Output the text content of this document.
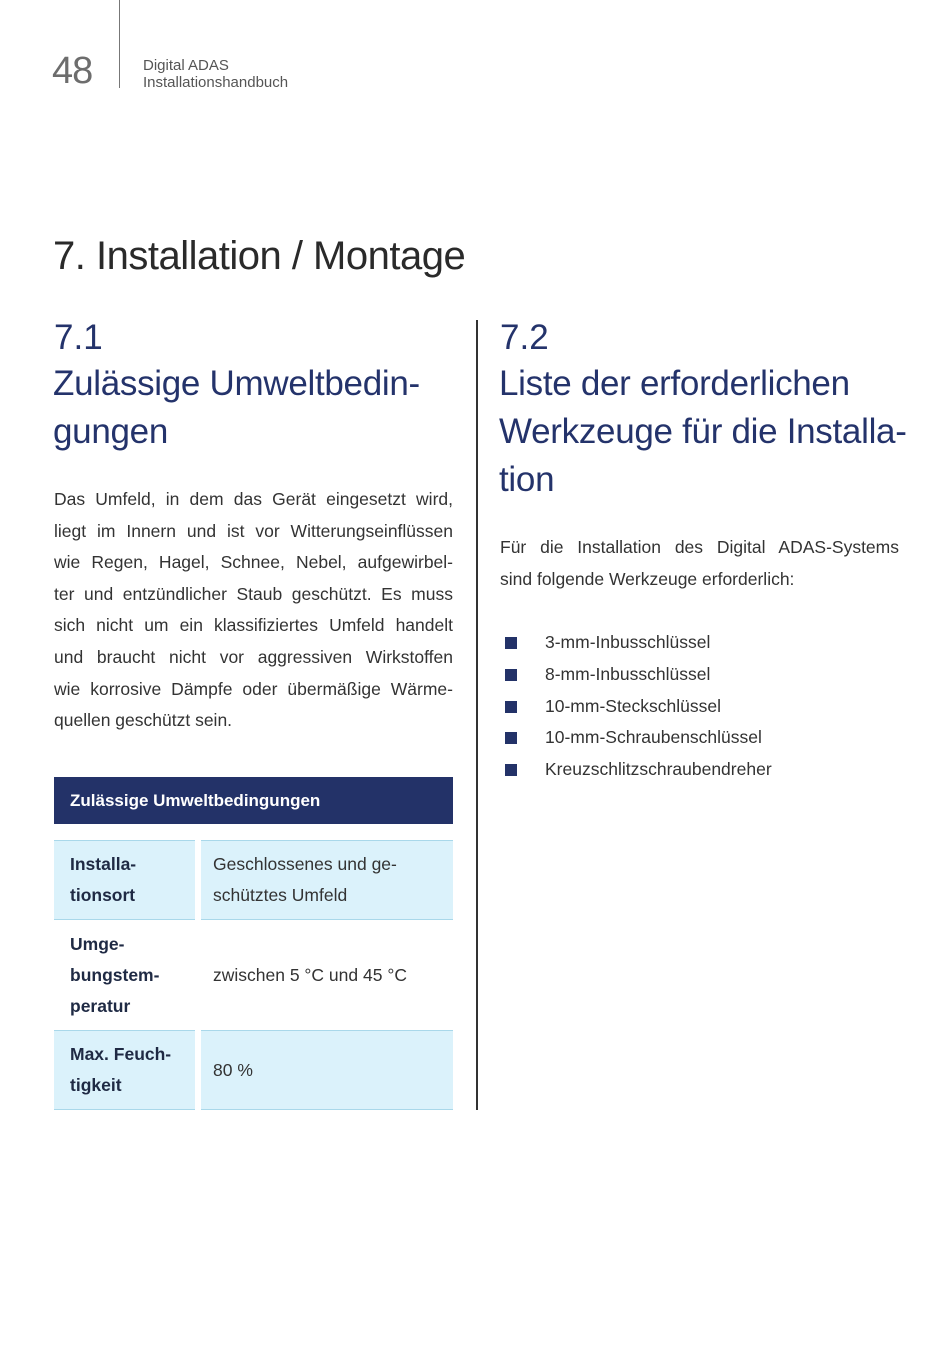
48	Digital ADAS
Installationshandbuch
7. Installation / Montage
7.1
Zulässige Umweltbedin-
gungen
Das Umfeld, in dem das Gerät eingesetzt wird,
liegt im Innern und ist vor Witterungseinflüssen
wie Regen, Hagel, Schnee, Nebel, aufgewirbel-
ter und entzündlicher Staub geschützt. Es muss
sich nicht um ein klassifiziertes Umfeld handelt
und braucht nicht vor aggressiven Wirkstoffen
wie korrosive Dämpfe oder übermäßige Wärme-
quellen geschützt sein.
Zulässige Umweltbedingungen
Installa-
tionsort
Geschlossenes und ge-
schütztes Umfeld
Umge-
bungstem-
peratur
zwischen 5 °C und 45 °C
Max. Feuch-
tigkeit
80 %
7.2
Liste der erforderlichen
Werkzeuge für die Installa-
tion
Für die Installation des Digital ADAS-Systems
sind folgende Werkzeuge erforderlich:
3-mm-Inbusschlüssel
8-mm-Inbusschlüssel
10-mm-Steckschlüssel
10-mm-Schraubenschlüssel
Kreuzschlitzschraubendreher
